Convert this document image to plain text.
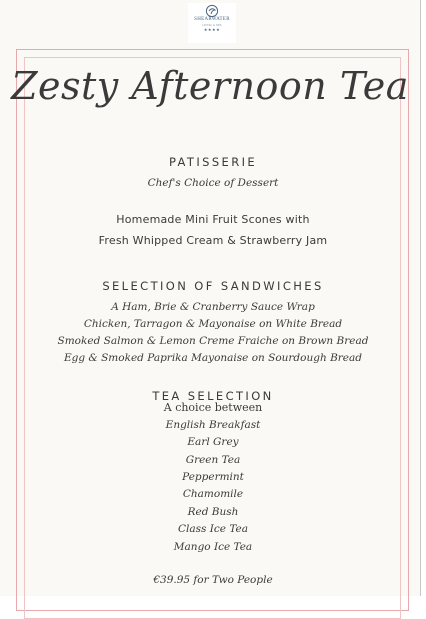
SHEARWATER
HOTEL & SPA
★★★★
Zesty Afternoon Tea
PATISSERIE
Chef's Choice of Dessert
Homemade Mini Fruit Scones with
Fresh Whipped Cream & Strawberry Jam
SELECTION OF SANDWICHES
A Ham, Brie & Cranberry Sauce Wrap
Chicken, Tarragon & Mayonaise on White Bread
Smoked Salmon & Lemon Creme Fraiche on Brown Bread
Egg & Smoked Paprika Mayonaise on Sourdough Bread
TEA SELECTION
A choice between
English Breakfast
Earl Grey
Green Tea
Peppermint
Chamomile
Red Bush
Class Ice Tea
Mango Ice Tea
€39.95 for Two People
